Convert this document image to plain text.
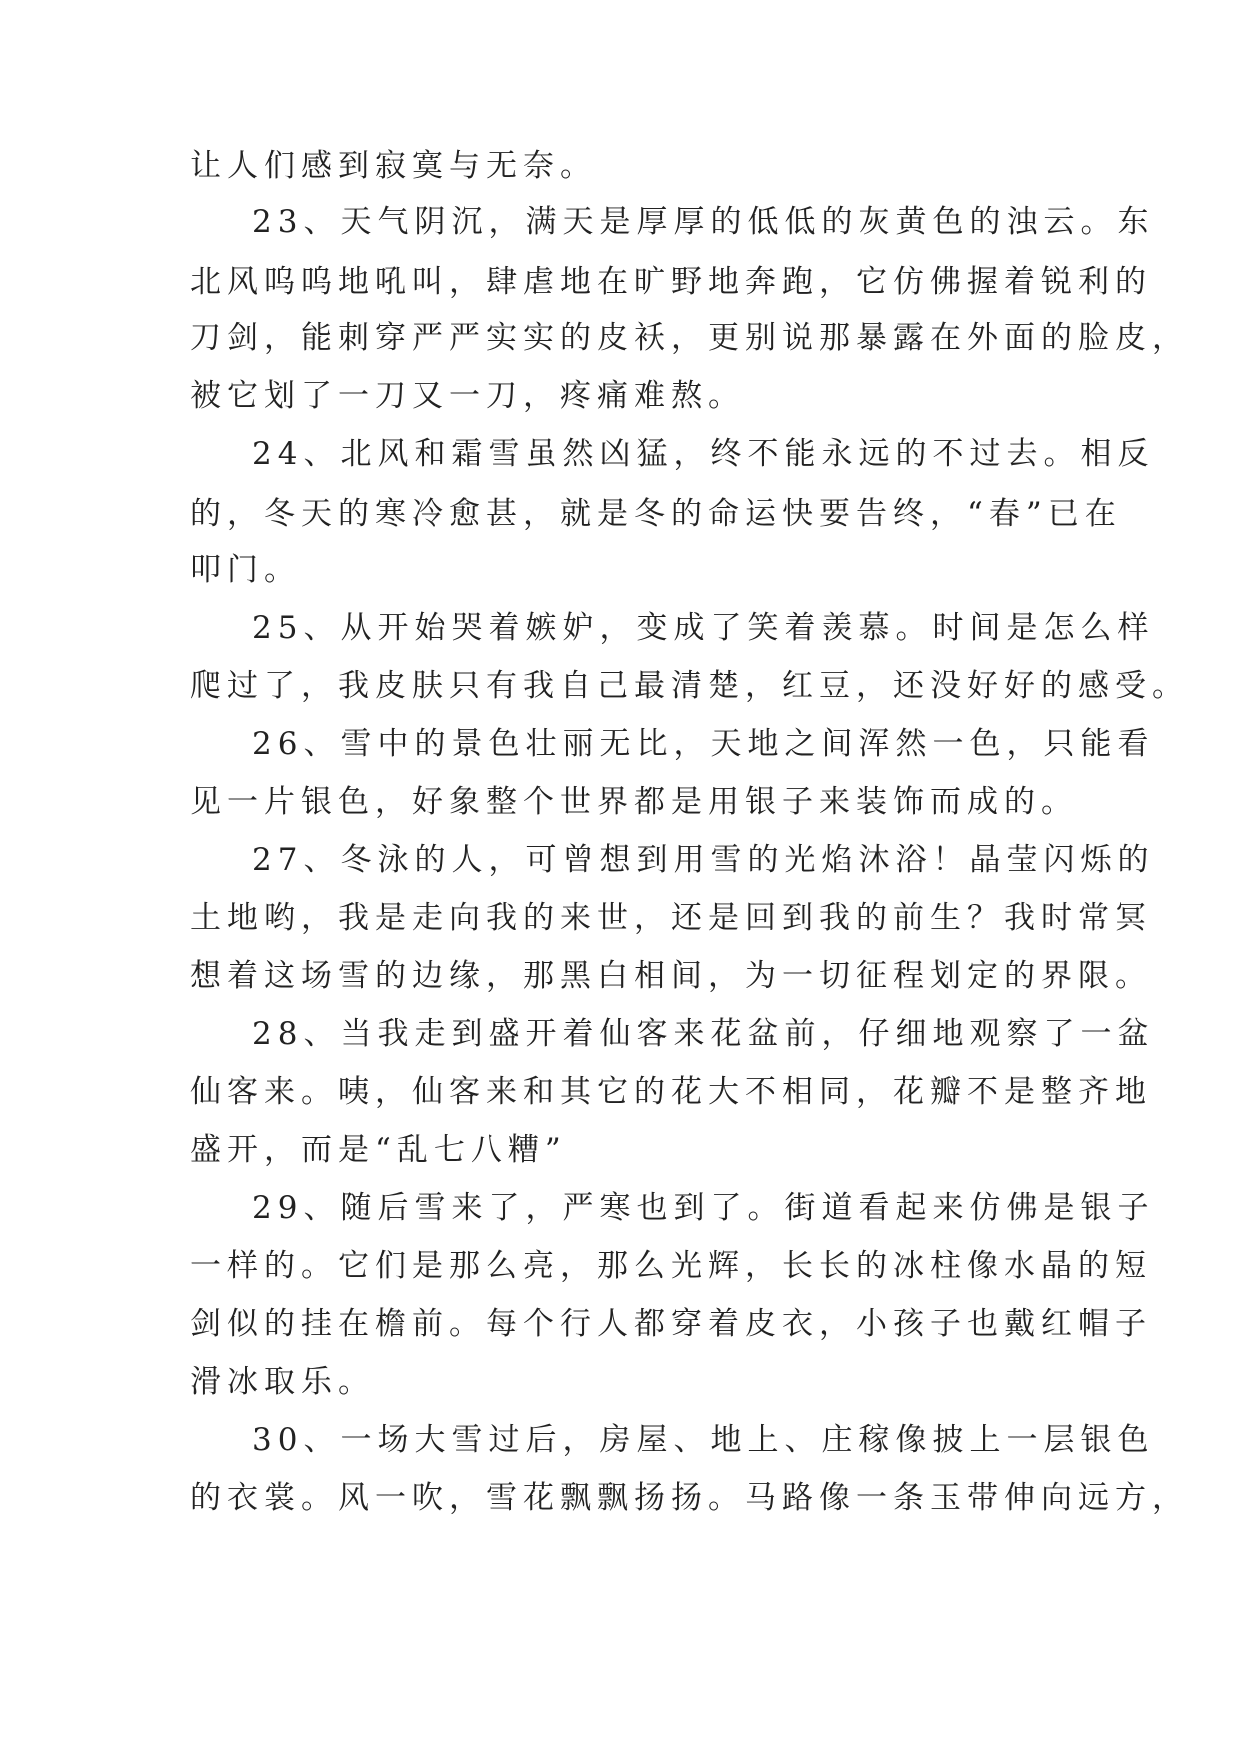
让人们感到寂寞与无奈。
23、天气阴沉，满天是厚厚的低低的灰黄色的浊云。东
北风呜呜地吼叫，肆虐地在旷野地奔跑，它仿佛握着锐利的
刀剑，能刺穿严严实实的皮袄，更别说那暴露在外面的脸皮，
被它划了一刀又一刀，疼痛难熬。
24、北风和霜雪虽然凶猛，终不能永远的不过去。相反
的，冬天的寒冷愈甚，就是冬的命运快要告终，“春”已在
叩门。
25、从开始哭着嫉妒，变成了笑着羡慕。时间是怎么样
爬过了，我皮肤只有我自己最清楚，红豆，还没好好的感受。
26、雪中的景色壮丽无比，天地之间浑然一色，只能看
见一片银色，好象整个世界都是用银子来装饰而成的。
27、冬泳的人，可曾想到用雪的光焰沐浴！晶莹闪烁的
土地哟，我是走向我的来世，还是回到我的前生？我时常冥
想着这场雪的边缘，那黑白相间，为一切征程划定的界限。
28、当我走到盛开着仙客来花盆前，仔细地观察了一盆
仙客来。咦，仙客来和其它的花大不相同，花瓣不是整齐地
盛开，而是“乱七八糟”
29、随后雪来了，严寒也到了。街道看起来仿佛是银子
一样的。它们是那么亮，那么光辉，长长的冰柱像水晶的短
剑似的挂在檐前。每个行人都穿着皮衣，小孩子也戴红帽子
滑冰取乐。
30、一场大雪过后，房屋、地上、庄稼像披上一层银色
的衣裳。风一吹，雪花飘飘扬扬。马路像一条玉带伸向远方，
